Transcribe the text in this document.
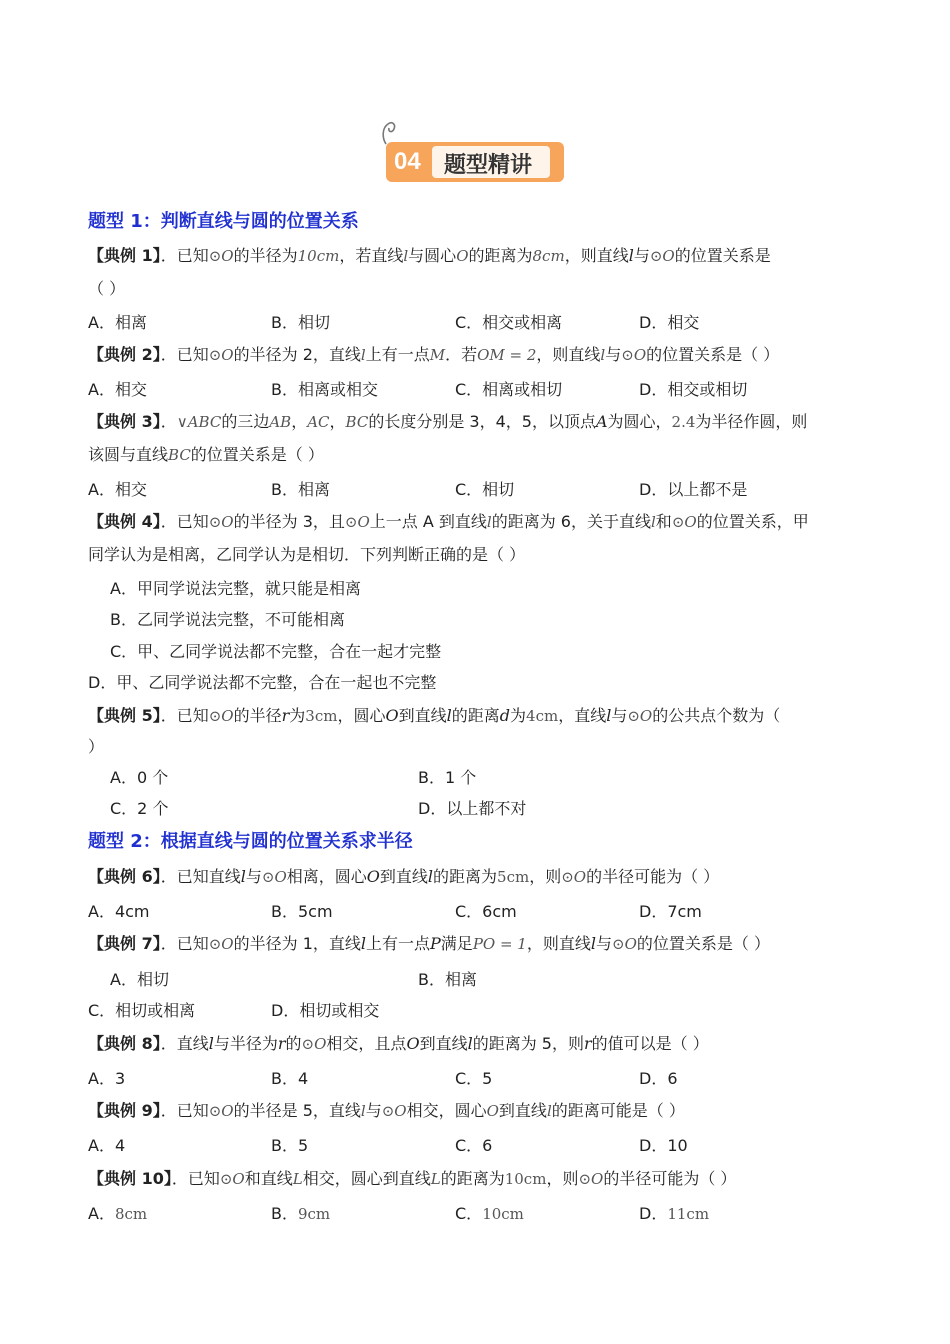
04 题型精讲
题型 1：判断直线与圆的位置关系
【典例 1】．已知⊙O的半径为10cm，若直线l与圆心O的距离为8cm，则直线l与⊙O的位置关系是
（ ）
A．相离	B．相切	C．相交或相离	D．相交
【典例 2】．已知⊙O的半径为 2，直线l上有一点M．若OM = 2，则直线l与⊙O的位置关系是（ ）
A．相交	B．相离或相交	C．相离或相切	D．相交或相切
【典例 3】．∨ABC的三边AB，AC，BC的长度分别是 3，4，5，以顶点A为圆心，2.4为半径作圆，则
该圆与直线BC的位置关系是（ ）
A．相交	B．相离	C．相切	D．以上都不是
【典例 4】．已知⊙O的半径为 3，且⊙O上一点 A 到直线l的距离为 6，关于直线l和⊙O的位置关系，甲
同学认为是相离，乙同学认为是相切．下列判断正确的是（ ）
A．甲同学说法完整，就只能是相离
B．乙同学说法完整，不可能相离
C．甲、乙同学说法都不完整，合在一起才完整
D．甲、乙同学说法都不完整，合在一起也不完整
【典例 5】．已知⊙O的半径r为3cm，圆心O到直线l的距离d为4cm，直线l与⊙O的公共点个数为（
）
A．0 个	B．1 个
C．2 个	D．以上都不对
题型 2：根据直线与圆的位置关系求半径
【典例 6】．已知直线l与⊙O相离，圆心O到直线l的距离为5cm，则⊙O的半径可能为（ ）
A．4cm	B．5cm	C．6cm	D．7cm
【典例 7】．已知⊙O的半径为 1，直线l上有一点P满足PO = 1，则直线l与⊙O的位置关系是（ ）
A．相切	B．相离
C．相切或相离	D．相切或相交
【典例 8】．直线l与半径为r的⊙O相交，且点O到直线l的距离为 5，则r的值可以是（ ）
A．3	B．4	C．5	D．6
【典例 9】．已知⊙O的半径是 5，直线l与⊙O相交，圆心O到直线l的距离可能是（ ）
A．4	B．5	C．6	D．10
【典例 10】．已知⊙O和直线L相交，圆心到直线L的距离为10cm，则⊙O的半径可能为（ ）
A．8cm	B．9cm	C．10cm	D．11cm
